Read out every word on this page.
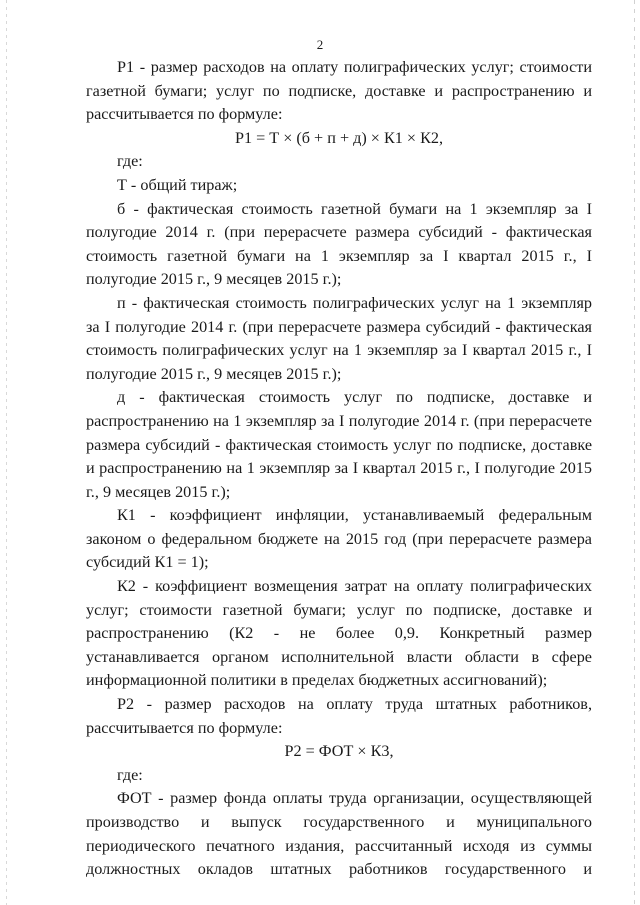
2

Р1 - размер расходов на оплату полиграфических услуг; стоимости газетной бумаги; услуг по подписке, доставке и распространению и рассчитывается по формуле:

Р1 = Т × (б + п + д) × К1 × К2,

где:

Т - общий тираж;

б - фактическая стоимость газетной бумаги на 1 экземпляр за I полугодие 2014 г. (при перерасчете размера субсидий - фактическая стоимость газетной бумаги на 1 экземпляр за I квартал 2015 г., I полугодие 2015 г., 9 месяцев 2015 г.);

п - фактическая стоимость полиграфических услуг на 1 экземпляр за I полугодие 2014 г. (при перерасчете размера субсидий - фактическая стоимость полиграфических услуг на 1 экземпляр за I квартал 2015 г., I полугодие 2015 г., 9 месяцев 2015 г.);

д - фактическая стоимость услуг по подписке, доставке и распространению на 1 экземпляр за I полугодие 2014 г. (при перерасчете размера субсидий - фактическая стоимость услуг по подписке, доставке и распространению на 1 экземпляр за I квартал 2015 г., I полугодие 2015 г., 9 месяцев 2015 г.);

К1 - коэффициент инфляции, устанавливаемый федеральным законом о федеральном бюджете на 2015 год (при перерасчете размера субсидий К1 = 1);

К2 - коэффициент возмещения затрат на оплату полиграфических услуг; стоимости газетной бумаги; услуг по подписке, доставке и распространению (К2 - не более 0,9. Конкретный размер устанавливается органом исполнительной власти области в сфере информационной политики в пределах бюджетных ассигнований);

Р2 - размер расходов на оплату труда штатных работников, рассчитывается по формуле:

Р2 = ФОТ × К3,

где:

ФОТ - размер фонда оплаты труда организации, осуществляющей производство и выпуск государственного и муниципального периодического печатного издания, рассчитанный исходя из суммы должностных окладов штатных работников государственного и
